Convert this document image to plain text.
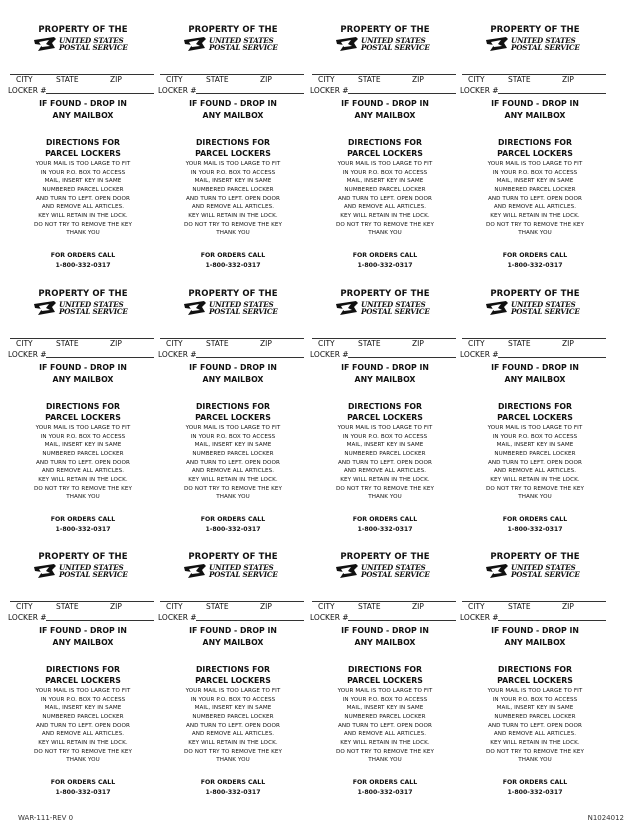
PROPERTY OF THE
UNITED STATES
POSTAL SERVICE
CITY	STATE	ZIP
LOCKER #
IF FOUND - DROP IN
ANY MAILBOX
DIRECTIONS FOR
PARCEL LOCKERS
YOUR MAIL IS TOO LARGE TO FIT
IN YOUR P.O. BOX TO ACCESS
MAIL, INSERT KEY IN SAME
NUMBERED PARCEL LOCKER
AND TURN TO LEFT. OPEN DOOR
AND REMOVE ALL ARTICLES.
KEY WILL RETAIN IN THE LOCK.
DO NOT TRY TO REMOVE THE KEY
THANK YOU
FOR ORDERS CALL
1-800-332-0317
PROPERTY OF THE
UNITED STATES
POSTAL SERVICE
CITY	STATE	ZIP
LOCKER #
IF FOUND - DROP IN
ANY MAILBOX
DIRECTIONS FOR
PARCEL LOCKERS
YOUR MAIL IS TOO LARGE TO FIT
IN YOUR P.O. BOX TO ACCESS
MAIL, INSERT KEY IN SAME
NUMBERED PARCEL LOCKER
AND TURN TO LEFT. OPEN DOOR
AND REMOVE ALL ARTICLES.
KEY WILL RETAIN IN THE LOCK.
DO NOT TRY TO REMOVE THE KEY
THANK YOU
FOR ORDERS CALL
1-800-332-0317
PROPERTY OF THE
UNITED STATES
POSTAL SERVICE
CITY	STATE	ZIP
LOCKER #
IF FOUND - DROP IN
ANY MAILBOX
DIRECTIONS FOR
PARCEL LOCKERS
YOUR MAIL IS TOO LARGE TO FIT
IN YOUR P.O. BOX TO ACCESS
MAIL, INSERT KEY IN SAME
NUMBERED PARCEL LOCKER
AND TURN TO LEFT. OPEN DOOR
AND REMOVE ALL ARTICLES.
KEY WILL RETAIN IN THE LOCK.
DO NOT TRY TO REMOVE THE KEY
THANK YOU
FOR ORDERS CALL
1-800-332-0317
PROPERTY OF THE
UNITED STATES
POSTAL SERVICE
CITY	STATE	ZIP
LOCKER #
IF FOUND - DROP IN
ANY MAILBOX
DIRECTIONS FOR
PARCEL LOCKERS
YOUR MAIL IS TOO LARGE TO FIT
IN YOUR P.O. BOX TO ACCESS
MAIL, INSERT KEY IN SAME
NUMBERED PARCEL LOCKER
AND TURN TO LEFT. OPEN DOOR
AND REMOVE ALL ARTICLES.
KEY WILL RETAIN IN THE LOCK.
DO NOT TRY TO REMOVE THE KEY
THANK YOU
FOR ORDERS CALL
1-800-332-0317
PROPERTY OF THE
UNITED STATES
POSTAL SERVICE
CITY	STATE	ZIP
LOCKER #
IF FOUND - DROP IN
ANY MAILBOX
DIRECTIONS FOR
PARCEL LOCKERS
YOUR MAIL IS TOO LARGE TO FIT
IN YOUR P.O. BOX TO ACCESS
MAIL, INSERT KEY IN SAME
NUMBERED PARCEL LOCKER
AND TURN TO LEFT. OPEN DOOR
AND REMOVE ALL ARTICLES.
KEY WILL RETAIN IN THE LOCK.
DO NOT TRY TO REMOVE THE KEY
THANK YOU
FOR ORDERS CALL
1-800-332-0317
PROPERTY OF THE
UNITED STATES
POSTAL SERVICE
CITY	STATE	ZIP
LOCKER #
IF FOUND - DROP IN
ANY MAILBOX
DIRECTIONS FOR
PARCEL LOCKERS
YOUR MAIL IS TOO LARGE TO FIT
IN YOUR P.O. BOX TO ACCESS
MAIL, INSERT KEY IN SAME
NUMBERED PARCEL LOCKER
AND TURN TO LEFT. OPEN DOOR
AND REMOVE ALL ARTICLES.
KEY WILL RETAIN IN THE LOCK.
DO NOT TRY TO REMOVE THE KEY
THANK YOU
FOR ORDERS CALL
1-800-332-0317
PROPERTY OF THE
UNITED STATES
POSTAL SERVICE
CITY	STATE	ZIP
LOCKER #
IF FOUND - DROP IN
ANY MAILBOX
DIRECTIONS FOR
PARCEL LOCKERS
YOUR MAIL IS TOO LARGE TO FIT
IN YOUR P.O. BOX TO ACCESS
MAIL, INSERT KEY IN SAME
NUMBERED PARCEL LOCKER
AND TURN TO LEFT. OPEN DOOR
AND REMOVE ALL ARTICLES.
KEY WILL RETAIN IN THE LOCK.
DO NOT TRY TO REMOVE THE KEY
THANK YOU
FOR ORDERS CALL
1-800-332-0317
PROPERTY OF THE
UNITED STATES
POSTAL SERVICE
CITY	STATE	ZIP
LOCKER #
IF FOUND - DROP IN
ANY MAILBOX
DIRECTIONS FOR
PARCEL LOCKERS
YOUR MAIL IS TOO LARGE TO FIT
IN YOUR P.O. BOX TO ACCESS
MAIL, INSERT KEY IN SAME
NUMBERED PARCEL LOCKER
AND TURN TO LEFT. OPEN DOOR
AND REMOVE ALL ARTICLES.
KEY WILL RETAIN IN THE LOCK.
DO NOT TRY TO REMOVE THE KEY
THANK YOU
FOR ORDERS CALL
1-800-332-0317
PROPERTY OF THE
UNITED STATES
POSTAL SERVICE
CITY	STATE	ZIP
LOCKER #
IF FOUND - DROP IN
ANY MAILBOX
DIRECTIONS FOR
PARCEL LOCKERS
YOUR MAIL IS TOO LARGE TO FIT
IN YOUR P.O. BOX TO ACCESS
MAIL, INSERT KEY IN SAME
NUMBERED PARCEL LOCKER
AND TURN TO LEFT. OPEN DOOR
AND REMOVE ALL ARTICLES.
KEY WILL RETAIN IN THE LOCK.
DO NOT TRY TO REMOVE THE KEY
THANK YOU
FOR ORDERS CALL
1-800-332-0317
PROPERTY OF THE
UNITED STATES
POSTAL SERVICE
CITY	STATE	ZIP
LOCKER #
IF FOUND - DROP IN
ANY MAILBOX
DIRECTIONS FOR
PARCEL LOCKERS
YOUR MAIL IS TOO LARGE TO FIT
IN YOUR P.O. BOX TO ACCESS
MAIL, INSERT KEY IN SAME
NUMBERED PARCEL LOCKER
AND TURN TO LEFT. OPEN DOOR
AND REMOVE ALL ARTICLES.
KEY WILL RETAIN IN THE LOCK.
DO NOT TRY TO REMOVE THE KEY
THANK YOU
FOR ORDERS CALL
1-800-332-0317
PROPERTY OF THE
UNITED STATES
POSTAL SERVICE
CITY	STATE	ZIP
LOCKER #
IF FOUND - DROP IN
ANY MAILBOX
DIRECTIONS FOR
PARCEL LOCKERS
YOUR MAIL IS TOO LARGE TO FIT
IN YOUR P.O. BOX TO ACCESS
MAIL, INSERT KEY IN SAME
NUMBERED PARCEL LOCKER
AND TURN TO LEFT. OPEN DOOR
AND REMOVE ALL ARTICLES.
KEY WILL RETAIN IN THE LOCK.
DO NOT TRY TO REMOVE THE KEY
THANK YOU
FOR ORDERS CALL
1-800-332-0317
PROPERTY OF THE
UNITED STATES
POSTAL SERVICE
CITY	STATE	ZIP
LOCKER #
IF FOUND - DROP IN
ANY MAILBOX
DIRECTIONS FOR
PARCEL LOCKERS
YOUR MAIL IS TOO LARGE TO FIT
IN YOUR P.O. BOX TO ACCESS
MAIL, INSERT KEY IN SAME
NUMBERED PARCEL LOCKER
AND TURN TO LEFT. OPEN DOOR
AND REMOVE ALL ARTICLES.
KEY WILL RETAIN IN THE LOCK.
DO NOT TRY TO REMOVE THE KEY
THANK YOU
FOR ORDERS CALL
1-800-332-0317
WAR-111-REV 0	N1024012
